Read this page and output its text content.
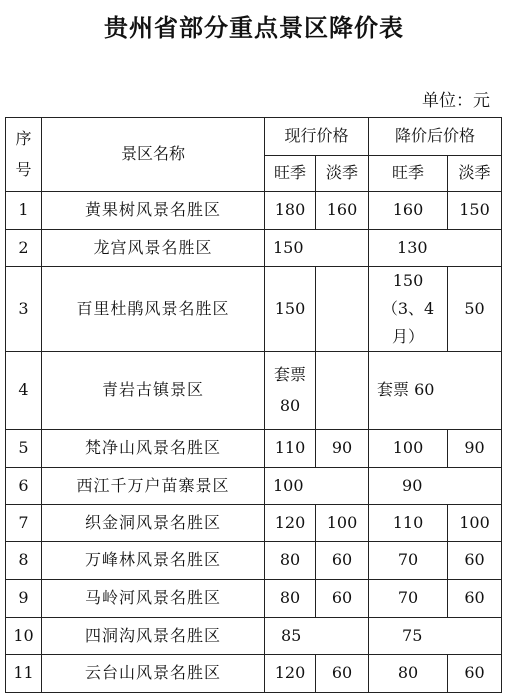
贵州省部分重点景区降价表
单位：元
序
号	景区名称	现行价格		降价后价格	
		旺季	淡季	旺季	淡季
1	黄果树风景名胜区	180	160	160	150
2	龙宫风景名胜区	150		130	
3	百里杜鹃风景名胜区	150		150（3、4月）	50
4	青岩古镇景区	套票80		套票 60	
5	梵净山风景名胜区	110	90	100	90
6	西江千万户苗寨景区	100		90	
7	织金洞风景名胜区	120	100	110	100
8	万峰林风景名胜区	80	60	70	60
9	马岭河风景名胜区	80	60	70	60
10	四洞沟风景名胜区	85		75	
11	云台山风景名胜区	120	60	80	60
